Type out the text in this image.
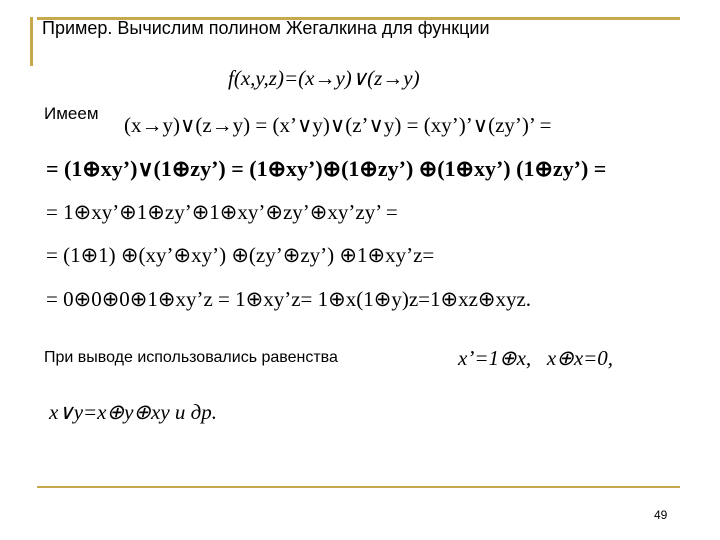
Пример. Вычислим полином Жегалкина для функции
f(x,y,z)=(x→y)∨(z→y)
Имеем (x→y)∨(z→y) = (x’∨y)∨(z’∨y) = (xy’)’∨(zy’)’ =
= (1⊕xy’)∨(1⊕zy’) = (1⊕xy’)⊕(1⊕zy’) ⊕(1⊕xy’) (1⊕zy’) =
= 1⊕xy’⊕1⊕zy’⊕1⊕xy’⊕zy’⊕xy’zy’ =
= (1⊕1) ⊕(xy’⊕xy’) ⊕(zy’⊕zy’) ⊕1⊕xy’z=
= 0⊕0⊕0⊕1⊕xy’z = 1⊕xy’z= 1⊕x(1⊕y)z=1⊕xz⊕xyz.
При выводе использовались равенства	x’=1⊕x,   x⊕x=0,
x∨y=x⊕y⊕xy и др.
49
